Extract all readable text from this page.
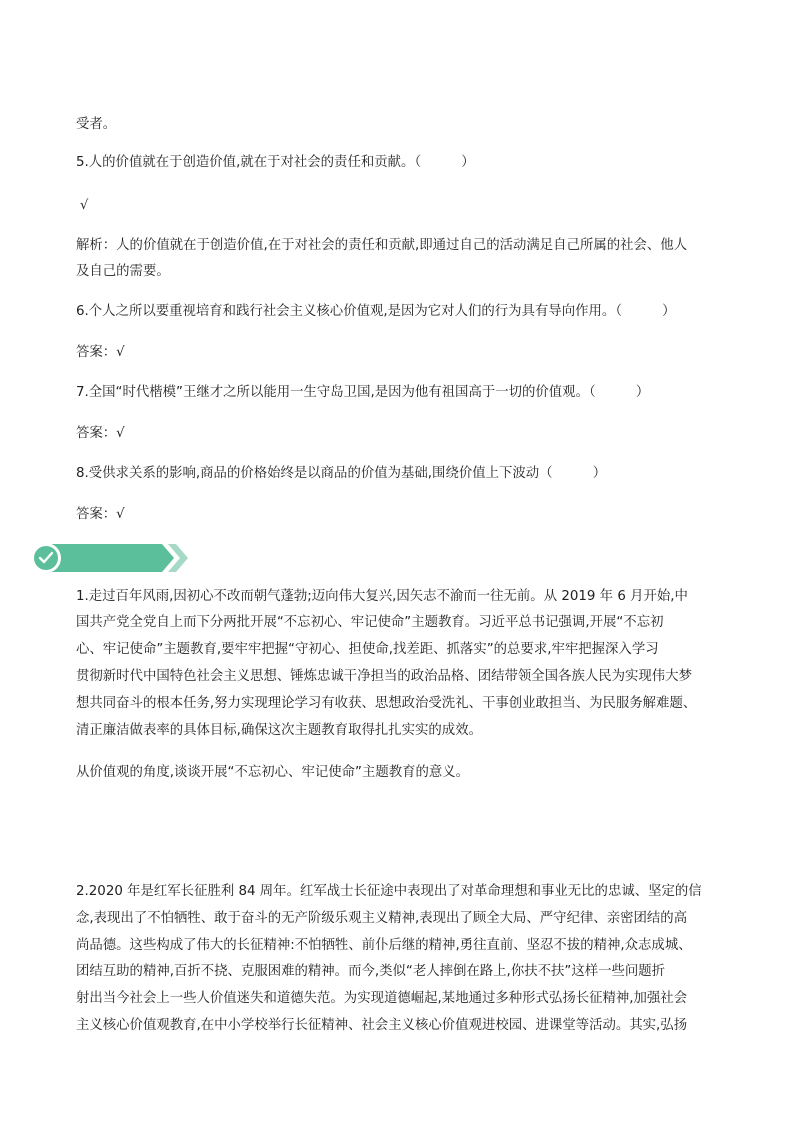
受者。
5.人的价值就在于创造价值,就在于对社会的责任和贡献。（　　　）
√
解析：人的价值就在于创造价值,在于对社会的责任和贡献,即通过自己的活动满足自己所属的社会、他人
及自己的需要。
6.个人之所以要重视培育和践行社会主义核心价值观,是因为它对人们的行为具有导向作用。（　　　）
答案：√
7.全国“时代楷模”王继才之所以能用一生守岛卫国,是因为他有祖国高于一切的价值观。（　　　）
答案：√
8.受供求关系的影响,商品的价格始终是以商品的价值为基础,围绕价值上下波动（　　　）
答案：√
1.走过百年风雨,因初心不改而朝气蓬勃;迈向伟大复兴,因矢志不渝而一往无前。从 2019 年 6 月开始,中
国共产党全党自上而下分两批开展“不忘初心、牢记使命”主题教育。习近平总书记强调,开展“不忘初
心、牢记使命”主题教育,要牢牢把握“守初心、担使命,找差距、抓落实”的总要求,牢牢把握深入学习
贯彻新时代中国特色社会主义思想、锤炼忠诚干净担当的政治品格、团结带领全国各族人民为实现伟大梦
想共同奋斗的根本任务,努力实现理论学习有收获、思想政治受洗礼、干事创业敢担当、为民服务解难题、
清正廉洁做表率的具体目标,确保这次主题教育取得扎扎实实的成效。
从价值观的角度,谈谈开展“不忘初心、牢记使命”主题教育的意义。
2.2020 年是红军长征胜利 84 周年。红军战士长征途中表现出了对革命理想和事业无比的忠诚、坚定的信
念,表现出了不怕牺牲、敢于奋斗的无产阶级乐观主义精神,表现出了顾全大局、严守纪律、亲密团结的高
尚品德。这些构成了伟大的长征精神:不怕牺牲、前仆后继的精神,勇往直前、坚忍不拔的精神,众志成城、
团结互助的精神,百折不挠、克服困难的精神。而今,类似“老人摔倒在路上,你扶不扶”这样一些问题折
射出当今社会上一些人价值迷失和道德失范。为实现道德崛起,某地通过多种形式弘扬长征精神,加强社会
主义核心价值观教育,在中小学校举行长征精神、社会主义核心价值观进校园、进课堂等活动。其实,弘扬
